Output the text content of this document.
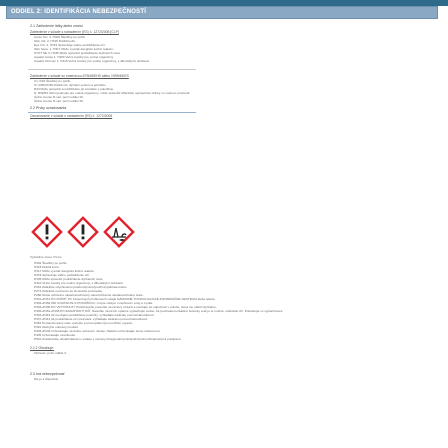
ODDIEL 2: IDENTIFIKÁCIA NEBEZPEČNOSTÍ
2.1 Zatriedenie látky alebo zmesi
Zatriedenie v súlade s nariadením (ES) č. 1272/2008 [CLP]
Acute Tox. 4, H302 Škodlivý po požití.
Skin Irrit. 2, H315 Dráždi kožu.
Eye Irrit. 2, H319 Spôsobuje vážne podráždenie očí.
Skin Sens. 1, H317 Môže vyvolať alergickú kožnú reakciu.
STOT SE 3, H335 Môže spôsobiť podráždenie dýchacích ciest.
Aquatic Acute 1, H400 Veľmi toxický pre vodné organizmy.
Aquatic Chronic 1, H410 Veľmi toxický pre vodné organizmy, s dlhodobými účinkami.
Zatriedenie v súlade so smernicou 67/548/EHS alebo 1999/45/ES
Xn; R22 Škodlivý po požití.
Xi; R36/37/38 Dráždi oči, dýchací systém a pokožku.
R43 Môže spôsobiť senzibilizáciu pri kontakte s pokožkou.
N; R50/53 Veľmi jedovatý pre vodné organizmy, môže spôsobiť dlhodobé nepriaznivé účinky vo vodnom prostredí.
Úplné znenie R-viet: pozri oddiel 16.
Úplné znenie H-viet: pozri oddiel 16.
2.2 Prvky označovania
Označovanie v súlade s nariadením (ES) č. 1272/2008
Výstražné slovo: Pozor
H302 Škodlivý po požití.
H315 Dráždi kožu.
H317 Môže vyvolať alergickú kožnú reakciu.
H319 Spôsobuje vážne podráždenie očí.
H335 Môže spôsobiť podráždenie dýchacích ciest.
H410 Veľmi toxický pre vodné organizmy, s dlhodobými účinkami.
P261 Zabráňte vdychovaniu prachu/dymu/plynu/hmly/pár/aerosólov.
P273 Zabráňte uvoľneniu do životného prostredia.
P280 Noste ochranné rukavice/ochranný odev/ochranné okuliare/ochranu tváre.
P301+P312 PO POŽITÍ: Pri zdravotných problémoch volajte NÁRODNÉ TOXIKOLOGICKÉ INFORMAČNÉ CENTRUM alebo lekára.
P302+P352 PRI KONTAKTE S POKOŽKOU: Umyte veľkým množstvom vody a mydla.
P304+P340 PO VDÝCHNUTÍ: Postihnutého presuňte na čerstvý vzduch a nechajte ho odpočívať v polohe, ktorá mu uľahčí dýchanie.
P305+P351+P338 PO ZASIAHNUTÍ OČÍ: Niekoľko minút ich opatrne vyplachujte vodou. Ak používate kontaktné šošovky a ak je to možné, odstráňte ich. Pokračujte vo vyplachovaní.
P332+P313 Ak sa objaví podráždenie pokožky: vyhľadajte lekársku pomoc/starostlivosť.
P337+P313 Ak podráždenie očí pretrváva: vyhľadajte lekársku pomoc/starostlivosť.
P362 Kontaminovaný odev vyzlečte a pred opätovným použitím vyperte.
P391 Zachyťte uniknutý produkt.
P403+P233 Uchovávajte na dobre vetranom mieste. Nádobu uchovávajte tesne uzatvorenú.
P405 Uchovávajte uzamknuté.
P501 Zneškodnite obsah/nádobu v súlade s miestnymi/regionálnymi/národnými/medzinárodnými predpismi.
2.2.2 Obsahuje:
Zloženie: pozri oddiel 3.
2.3 Iná nebezpečnosť
Nie je k dispozícii.
